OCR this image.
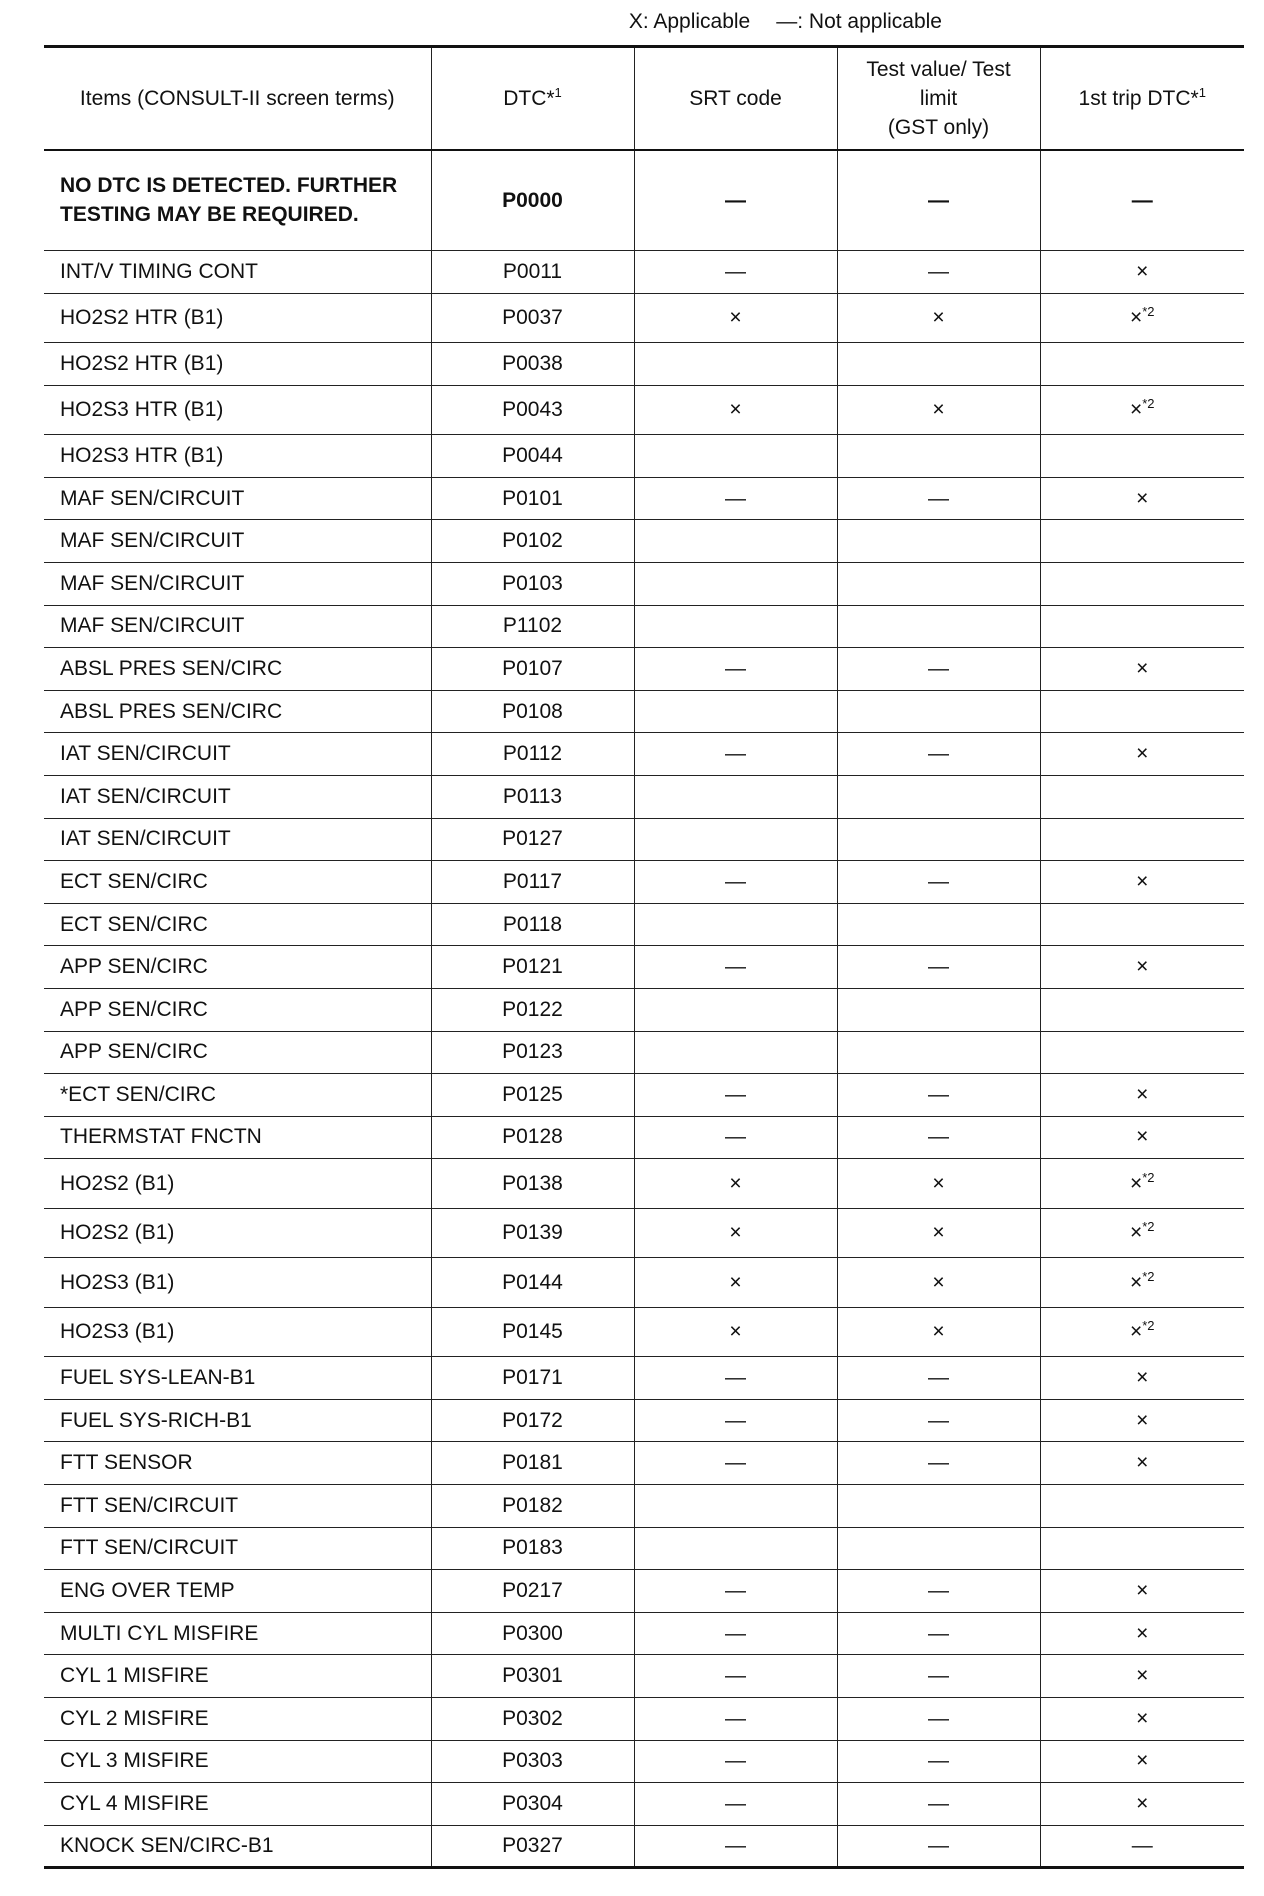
X: Applicable —: Not applicable
Items (CONSULT-II screen terms)	DTC*$^1$	SRT code	Test value/ Test
limit
(GST only)	1st trip DTC*$^1$
NO DTC IS DETECTED. FURTHER TESTING MAY BE REQUIRED.	P0000	—	—	—
INT/V TIMING CONT	P0011	—	—	×
HO2S2 HTR (B1)	P0037	×	×	×$^{*2}$
HO2S2 HTR (B1)	P0038			
HO2S3 HTR (B1)	P0043	×	×	×$^{*2}$
HO2S3 HTR (B1)	P0044			
MAF SEN/CIRCUIT	P0101	—	—	×
MAF SEN/CIRCUIT	P0102			
MAF SEN/CIRCUIT	P0103			
MAF SEN/CIRCUIT	P1102			
ABSL PRES SEN/CIRC	P0107	—	—	×
ABSL PRES SEN/CIRC	P0108			
IAT SEN/CIRCUIT	P0112	—	—	×
IAT SEN/CIRCUIT	P0113			
IAT SEN/CIRCUIT	P0127			
ECT SEN/CIRC	P0117	—	—	×
ECT SEN/CIRC	P0118			
APP SEN/CIRC	P0121	—	—	×
APP SEN/CIRC	P0122			
APP SEN/CIRC	P0123			
*ECT SEN/CIRC	P0125	—	—	×
THERMSTAT FNCTN	P0128	—	—	×
HO2S2 (B1)	P0138	×	×	×$^{*2}$
HO2S2 (B1)	P0139	×	×	×$^{*2}$
HO2S3 (B1)	P0144	×	×	×$^{*2}$
HO2S3 (B1)	P0145	×	×	×$^{*2}$
FUEL SYS-LEAN-B1	P0171	—	—	×
FUEL SYS-RICH-B1	P0172	—	—	×
FTT SENSOR	P0181	—	—	×
FTT SEN/CIRCUIT	P0182			
FTT SEN/CIRCUIT	P0183			
ENG OVER TEMP	P0217	—	—	×
MULTI CYL MISFIRE	P0300	—	—	×
CYL 1 MISFIRE	P0301	—	—	×
CYL 2 MISFIRE	P0302	—	—	×
CYL 3 MISFIRE	P0303	—	—	×
CYL 4 MISFIRE	P0304	—	—	×
KNOCK SEN/CIRC-B1	P0327	—	—	—
